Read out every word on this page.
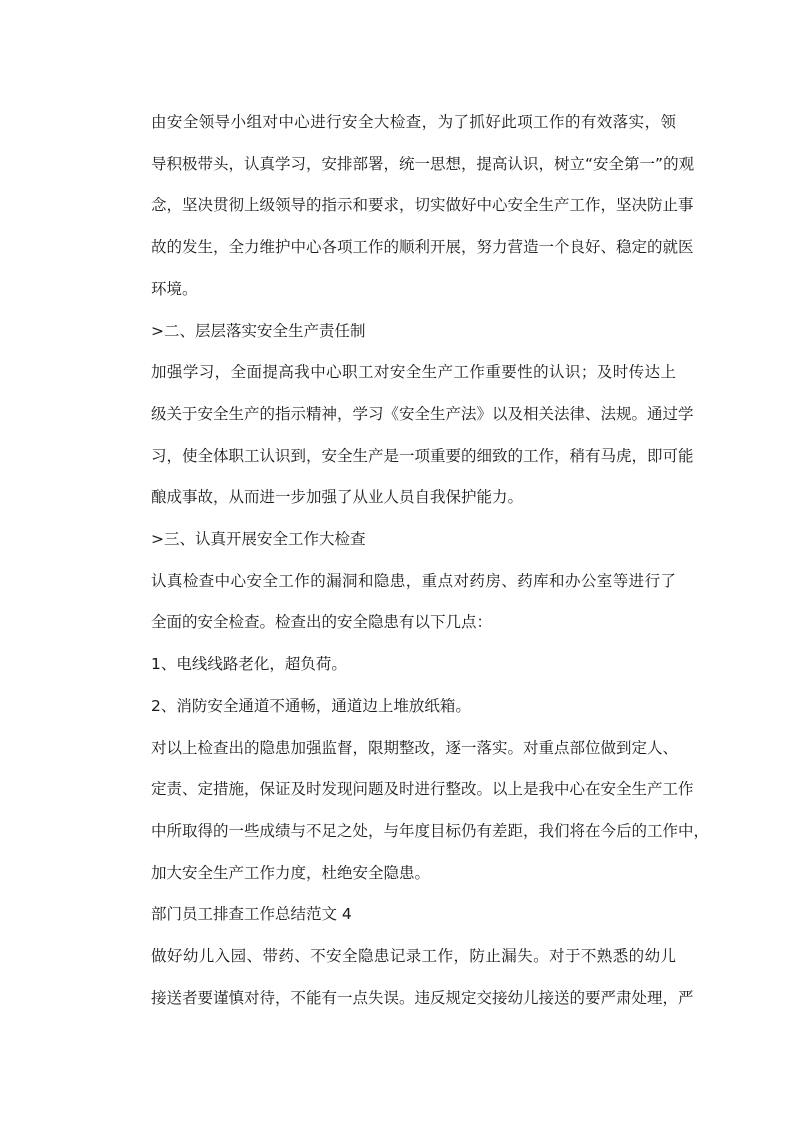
由安全领导小组对中心进行安全大检查，为了抓好此项工作的有效落实，领
导积极带头，认真学习，安排部署，统一思想，提高认识，树立“安全第一”的观
念，坚决贯彻上级领导的指示和要求，切实做好中心安全生产工作，坚决防止事
故的发生，全力维护中心各项工作的顺利开展，努力营造一个良好、稳定的就医
环境。

>二、层层落实安全生产责任制

加强学习，全面提高我中心职工对安全生产工作重要性的认识；及时传达上
级关于安全生产的指示精神，学习《安全生产法》以及相关法律、法规。通过学
习，使全体职工认识到，安全生产是一项重要的细致的工作，稍有马虎，即可能
酿成事故，从而进一步加强了从业人员自我保护能力。

>三、认真开展安全工作大检查

认真检查中心安全工作的漏洞和隐患，重点对药房、药库和办公室等进行了
全面的安全检查。检查出的安全隐患有以下几点：

1、电线线路老化，超负荷。

2、消防安全通道不通畅，通道边上堆放纸箱。

对以上检查出的隐患加强监督，限期整改，逐一落实。对重点部位做到定人、
定责、定措施，保证及时发现问题及时进行整改。以上是我中心在安全生产工作
中所取得的一些成绩与不足之处，与年度目标仍有差距，我们将在今后的工作中，
加大安全生产工作力度，杜绝安全隐患。

部门员工排查工作总结范文 4

做好幼儿入园、带药、不安全隐患记录工作，防止漏失。对于不熟悉的幼儿
接送者要谨慎对待，不能有一点失误。违反规定交接幼儿接送的要严肃处理，严
